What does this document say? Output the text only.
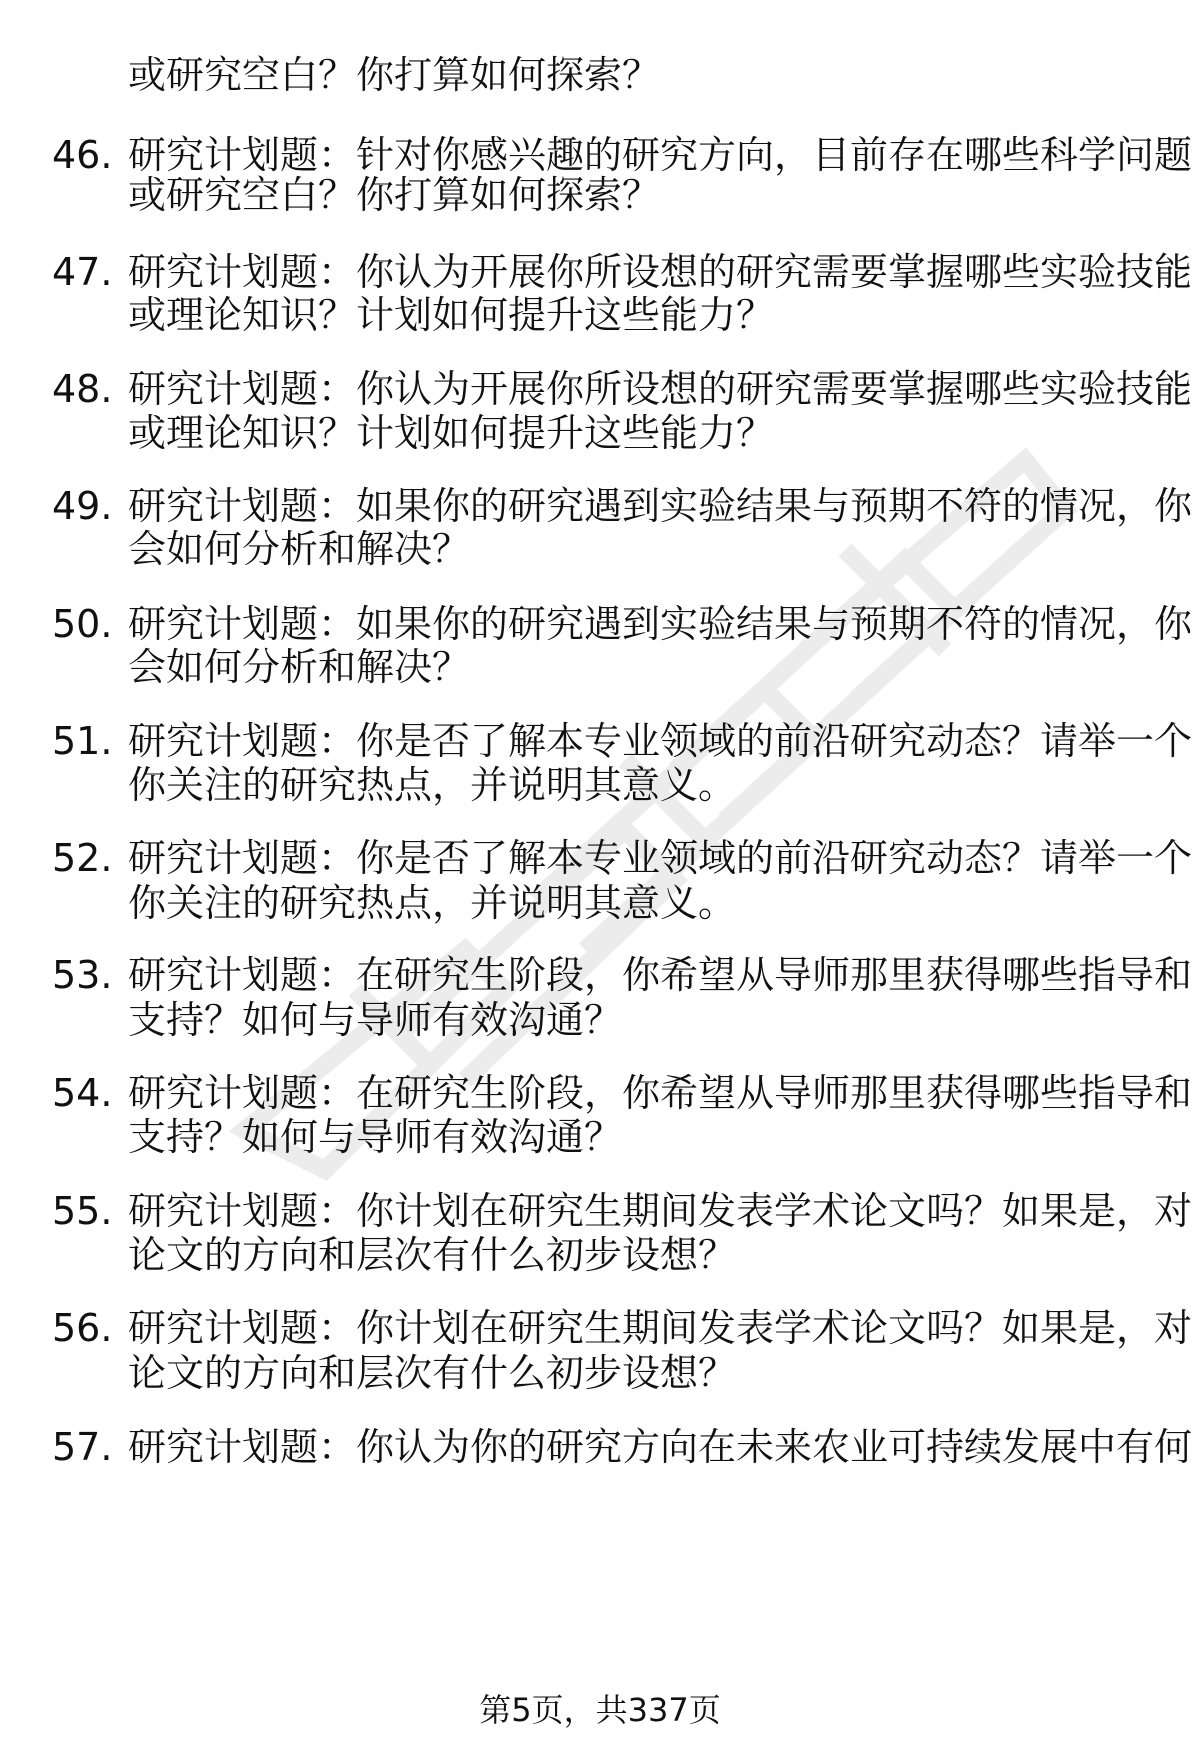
或研究空白？你打算如何探索？
46. 研究计划题：针对你感兴趣的研究方向，目前存在哪些科学问题
或研究空白？你打算如何探索？
47. 研究计划题：你认为开展你所设想的研究需要掌握哪些实验技能
或理论知识？计划如何提升这些能力？
48. 研究计划题：你认为开展你所设想的研究需要掌握哪些实验技能
或理论知识？计划如何提升这些能力？
49. 研究计划题：如果你的研究遇到实验结果与预期不符的情况，你
会如何分析和解决？
50. 研究计划题：如果你的研究遇到实验结果与预期不符的情况，你
会如何分析和解决？
51. 研究计划题：你是否了解本专业领域的前沿研究动态？请举一个
你关注的研究热点，并说明其意义。
52. 研究计划题：你是否了解本专业领域的前沿研究动态？请举一个
你关注的研究热点，并说明其意义。
53. 研究计划题：在研究生阶段，你希望从导师那里获得哪些指导和
支持？如何与导师有效沟通？
54. 研究计划题：在研究生阶段，你希望从导师那里获得哪些指导和
支持？如何与导师有效沟通？
55. 研究计划题：你计划在研究生期间发表学术论文吗？如果是，对
论文的方向和层次有什么初步设想？
56. 研究计划题：你计划在研究生期间发表学术论文吗？如果是，对
论文的方向和层次有什么初步设想？
57. 研究计划题：你认为你的研究方向在未来农业可持续发展中有何
第5页，共337页
